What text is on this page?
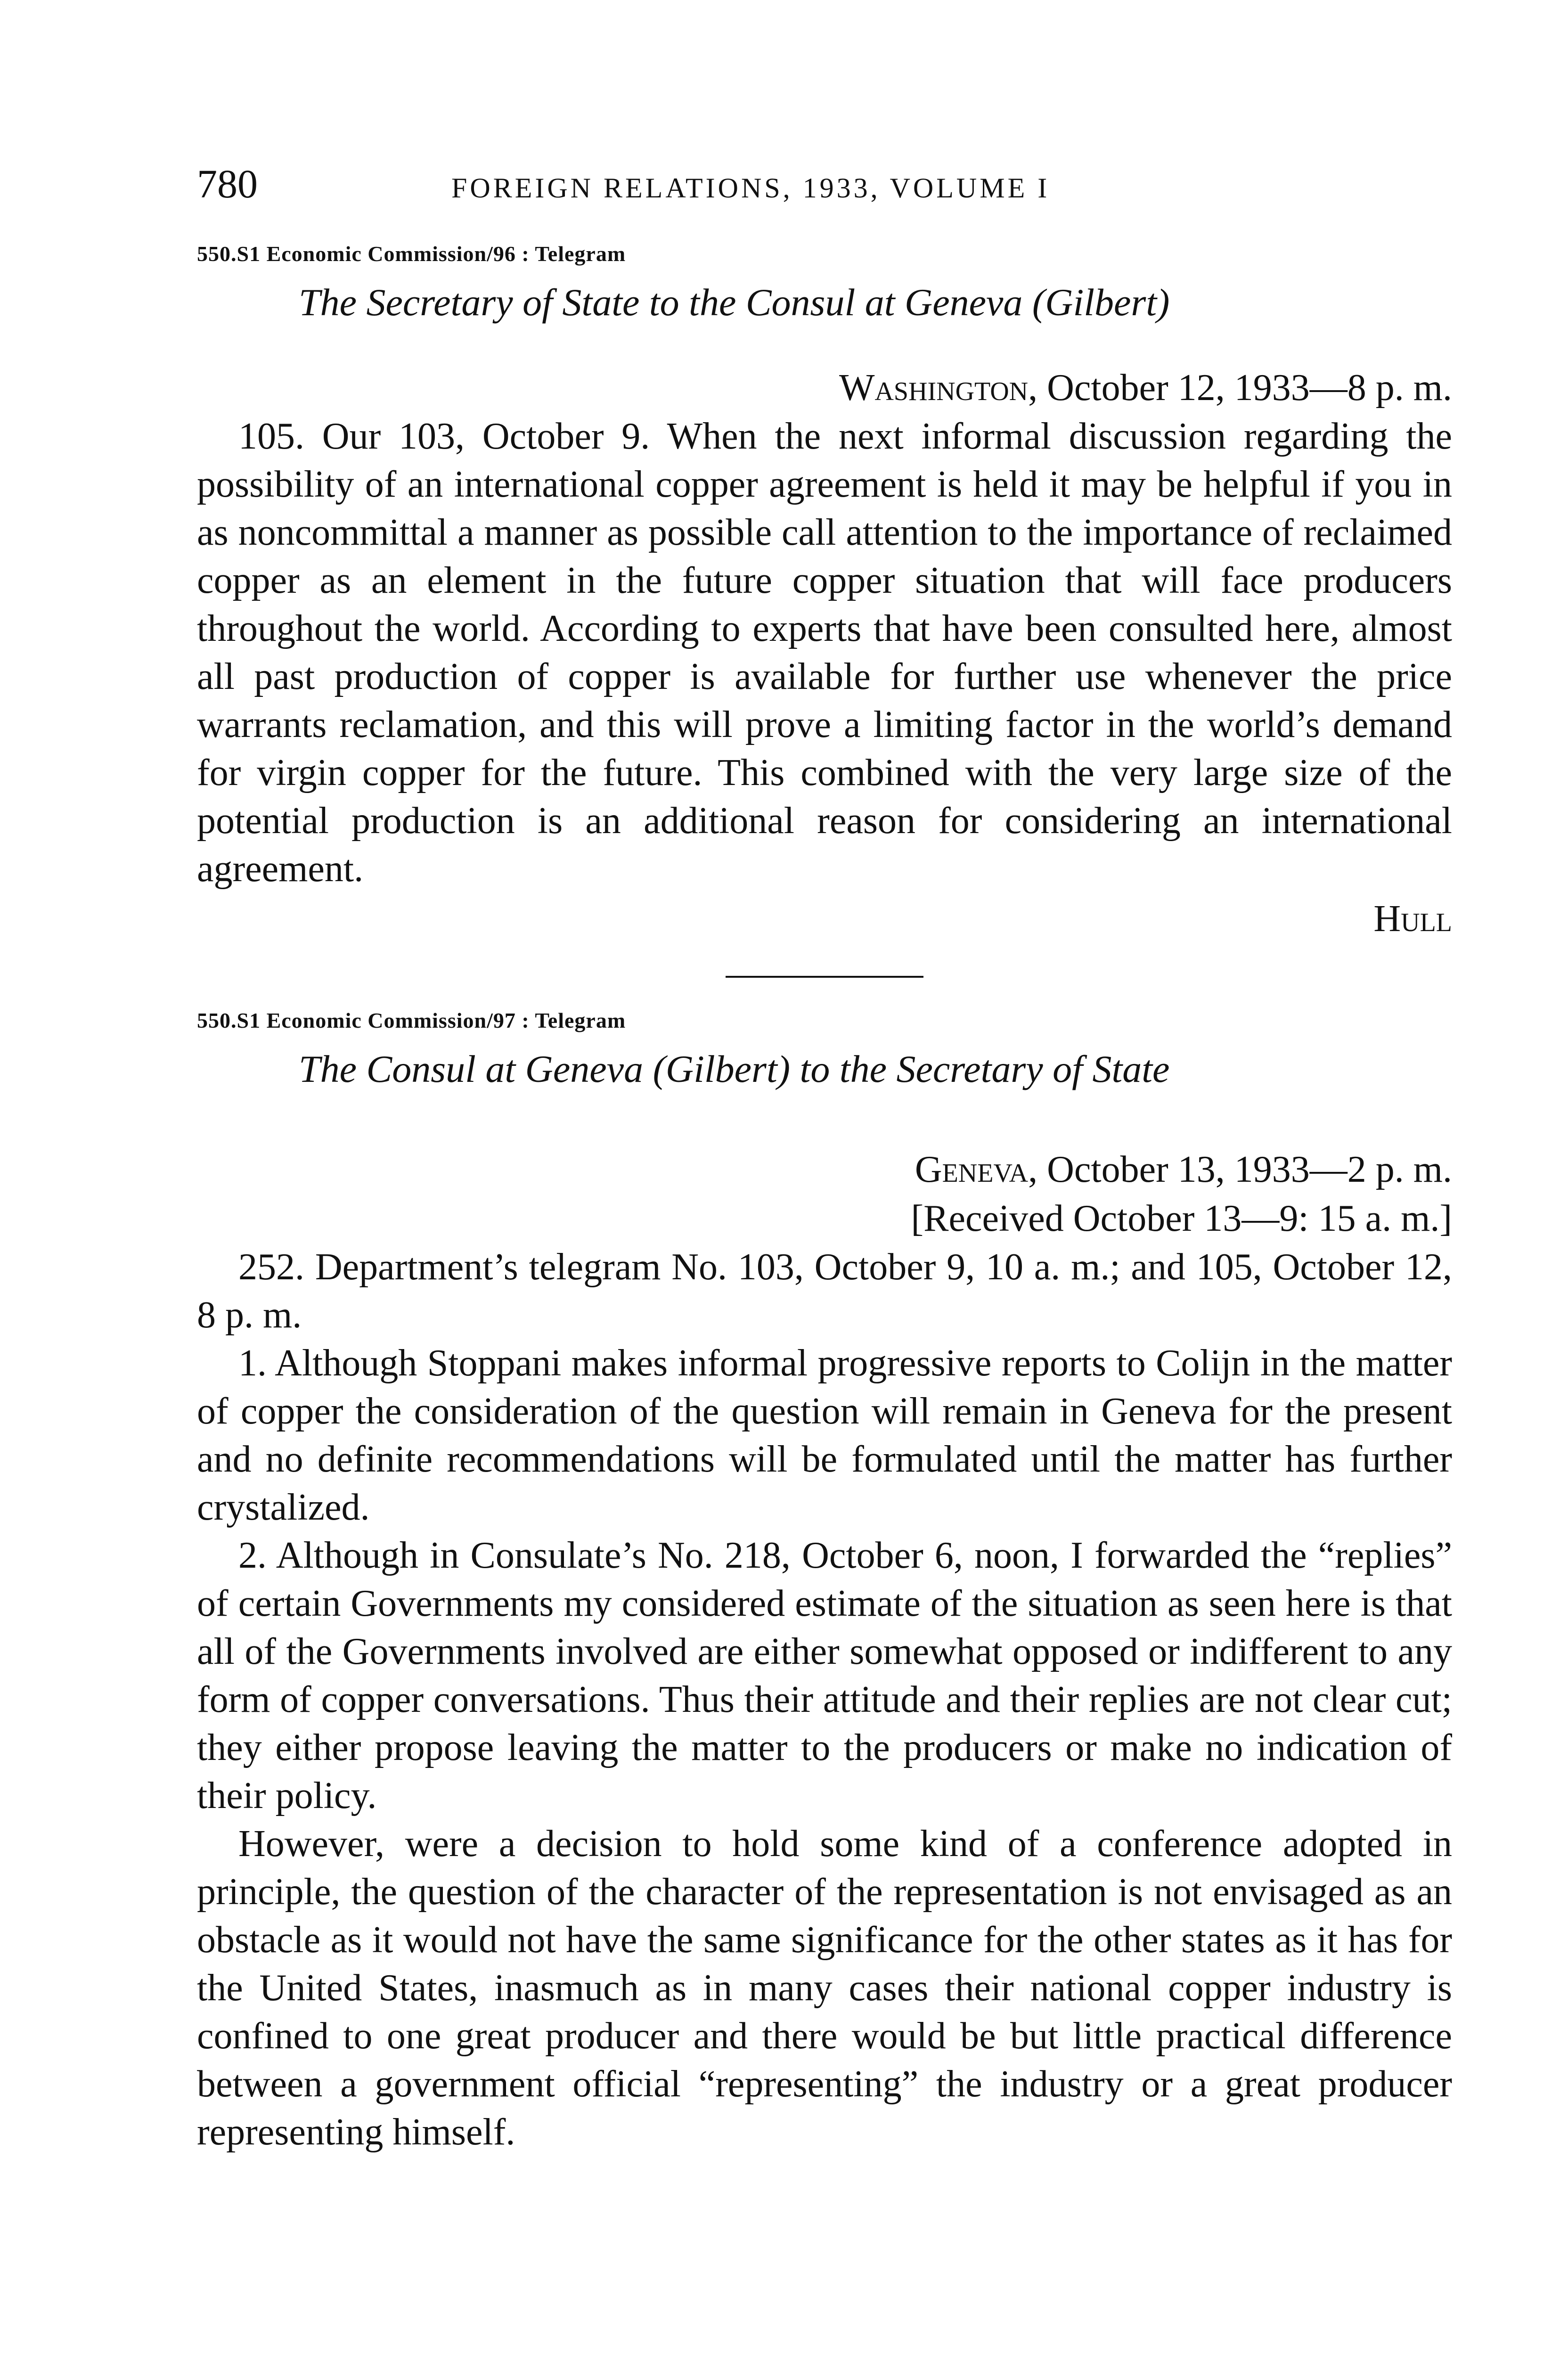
780	FOREIGN RELATIONS, 1933, VOLUME I
550.S1 Economic Commission/96 : Telegram
The Secretary of State to the Consul at Geneva (Gilbert)
Washington, October 12, 1933—8 p. m.

105. Our 103, October 9. When the next informal discussion regarding the possibility of an international copper agreement is held it may be helpful if you in as noncommittal a manner as possible call attention to the importance of reclaimed copper as an element in the future copper situation that will face producers throughout the world. According to experts that have been consulted here, almost all past production of copper is available for further use whenever the price warrants reclamation, and this will prove a limiting factor in the world’s demand for virgin copper for the future. This combined with the very large size of the potential production is an additional reason for considering an international agreement.

Hull
550.S1 Economic Commission/97 : Telegram
The Consul at Geneva (Gilbert) to the Secretary of State
Geneva, October 13, 1933—2 p. m.
[Received October 13—9: 15 a. m.]

252. Department’s telegram No. 103, October 9, 10 a. m.; and 105, October 12, 8 p. m.

1. Although Stoppani makes informal progressive reports to Colijn in the matter of copper the consideration of the question will remain in Geneva for the present and no definite recommendations will be formulated until the matter has further crystalized.

2. Although in Consulate’s No. 218, October 6, noon, I forwarded the “replies” of certain Governments my considered estimate of the situation as seen here is that all of the Governments involved are either somewhat opposed or indifferent to any form of copper conversations. Thus their attitude and their replies are not clear cut; they either propose leaving the matter to the producers or make no indication of their policy.

However, were a decision to hold some kind of a conference adopted in principle, the question of the character of the representation is not envisaged as an obstacle as it would not have the same significance for the other states as it has for the United States, inasmuch as in many cases their national copper industry is confined to one great producer and there would be but little practical difference between a government official “representing” the industry or a great producer representing himself.
